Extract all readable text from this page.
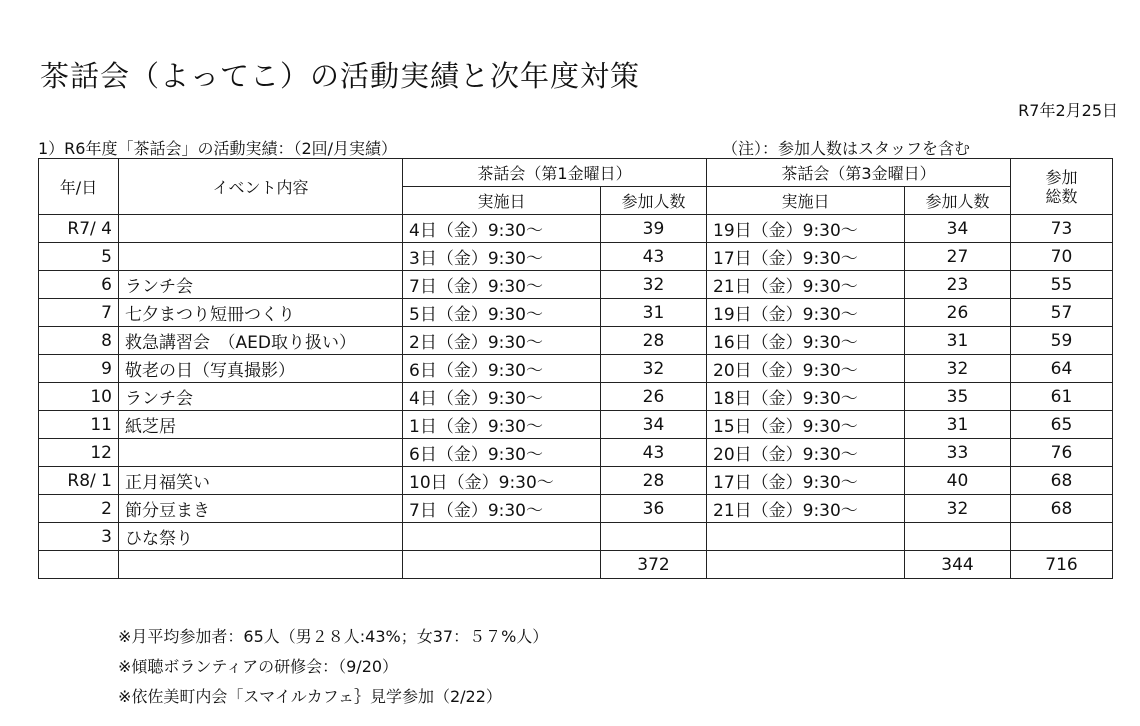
茶話会（よってこ）の活動実績と次年度対策
R7年2月25日
1）R6年度「茶話会」の活動実績：（2回/月実績）	（注）：参加人数はスタッフを含む
年/日	イベント内容	茶話会（第1金曜日）		茶話会（第3金曜日）		参加総数
		実施日	参加人数	実施日	参加人数	
R7/ 4		4日（金）9:30～	39	19日（金）9:30～	34	73
5		3日（金）9:30～	43	17日（金）9:30～	27	70
6	ランチ会	7日（金）9:30～	32	21日（金）9:30～	23	55
7	七夕まつり短冊つくり	5日（金）9:30～	31	19日（金）9:30～	26	57
8	救急講習会　（AED取り扱い）	2日（金）9:30～	28	16日（金）9:30～	31	59
9	敬老の日（写真撮影）	6日（金）9:30～	32	20日（金）9:30～	32	64
10	ランチ会	4日（金）9:30～	26	18日（金）9:30～	35	61
11	紙芝居	1日（金）9:30～	34	15日（金）9:30～	31	65
12		6日（金）9:30～	43	20日（金）9:30～	33	76
R8/ 1	正月福笑い	10日（金）9:30～	28	17日（金）9:30～	40	68
2	節分豆まき	7日（金）9:30～	36	21日（金）9:30～	32	68
3	ひな祭り					
			372		344	716
※月平均参加者：65人（男２８人:43%；女37：５７%人）
※傾聴ボランティアの研修会：（9/20）
※依佐美町内会「スマイルカフェ｝見学参加（2/22）
